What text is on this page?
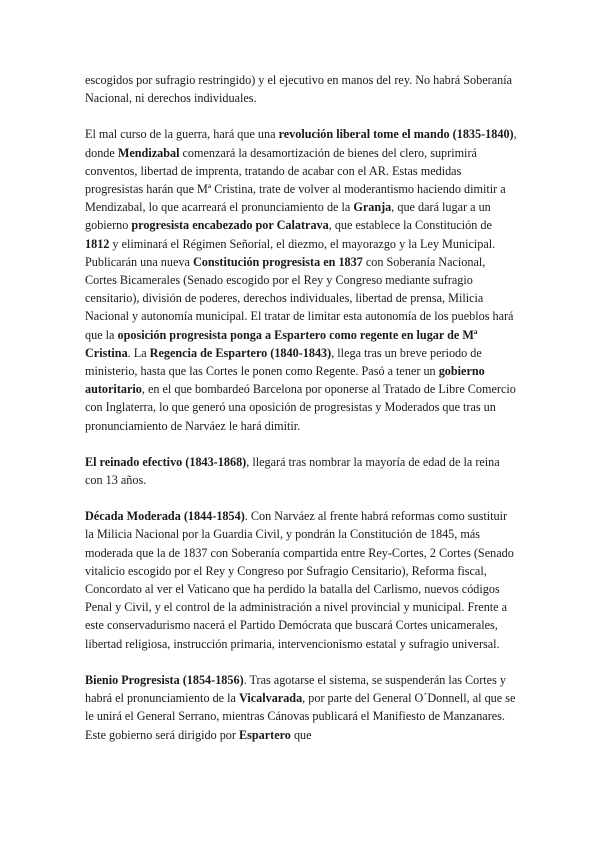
escogidos por sufragio restringido) y el ejecutivo en manos del rey. No habrá Soberanía Nacional, ni derechos individuales.

El mal curso de la guerra, hará que una revolución liberal tome el mando (1835-1840), donde Mendizabal comenzará la desamortización de bienes del clero, suprimirá conventos, libertad de imprenta, tratando de acabar con el AR. Estas medidas progresistas harán que Mª Cristina, trate de volver al moderantismo haciendo dimitir a Mendizabal, lo que acarreará el pronunciamiento de la Granja, que dará lugar a un gobierno progresista encabezado por Calatrava, que establece la Constitución de 1812 y eliminará el Régimen Señorial, el diezmo, el mayorazgo y la Ley Municipal. Publicarán una nueva Constitución progresista en 1837 con Soberanía Nacional, Cortes Bicamerales (Senado escogido por el Rey y Congreso mediante sufragio censitario), división de poderes, derechos individuales, libertad de prensa, Milicia Nacional y autonomía municipal. El tratar de limitar esta autonomía de los pueblos hará que la oposición progresista ponga a Espartero como regente en lugar de Mª Cristina. La Regencia de Espartero (1840-1843), llega tras un breve periodo de ministerio, hasta que las Cortes le ponen como Regente. Pasó a tener un gobierno autoritario, en el que bombardeó Barcelona por oponerse al Tratado de Libre Comercio con Inglaterra, lo que generó una oposición de progresistas y Moderados que tras un pronunciamiento de Narváez le hará dimitir.

El reinado efectivo (1843-1868), llegará tras nombrar la mayoría de edad de la reina con 13 años.

Década Moderada (1844-1854). Con Narváez al frente habrá reformas como sustituir la Milicia Nacional por la Guardia Civil, y pondrán la Constitución de 1845, más moderada que la de 1837 con Soberanía compartida entre Rey-Cortes, 2 Cortes (Senado vitalicio escogido por el Rey y Congreso por Sufragio Censitario), Reforma fiscal, Concordato al ver el Vaticano que ha perdido la batalla del Carlismo, nuevos códigos Penal y Civil, y el control de la administración a nivel provincial y municipal. Frente a este conservadurismo nacerá el Partido Demócrata que buscará Cortes unicamerales, libertad religiosa, instrucción primaria, intervencionismo estatal y sufragio universal.

Bienio Progresista (1854-1856). Tras agotarse el sistema, se suspenderán las Cortes y habrá el pronunciamiento de la Vicalvarada, por parte del General O´Donnell, al que se le unirá el General Serrano, mientras Cánovas publicará el Manifiesto de Manzanares. Este gobierno será dirigido por Espartero que
